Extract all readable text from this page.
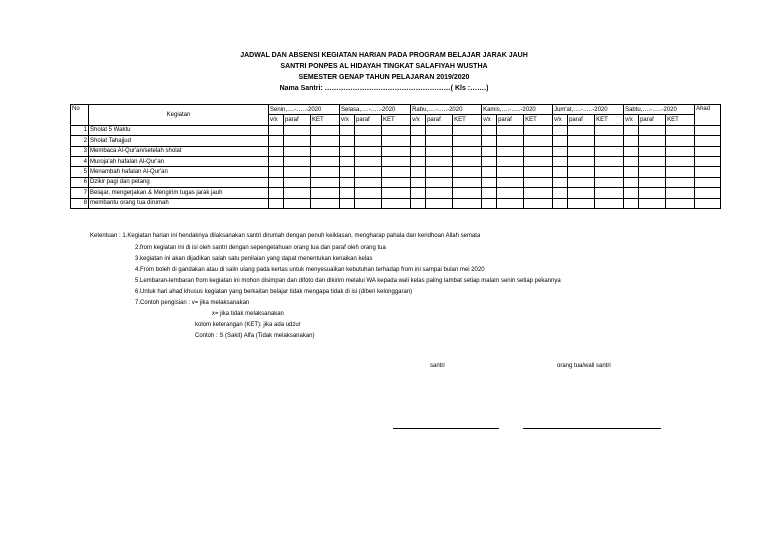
JADWAL DAN ABSENSI KEGIATAN HARIAN PADA PROGRAM BELAJAR JARAK JAUH
SANTRI PONPES AL HIDAYAH TINGKAT SALAFIYAH WUSTHA
SEMESTER GENAP TAHUN PELAJARAN 2019/2020
Nama Santri: ………………………………………………( Kls :…….)
No	Kegiatan	Senin,….-…..-2020			Selasa,….-…..-2020			Rabu,….-…..-2020			Kamis,….-…..-2020			Jum'at,….-…..-2020			Sabtu,….-…..-2020			Ahad
		v/x	paraf	KET	v/x	paraf	KET	v/x	paraf	KET	v/x	paraf	KET	v/x	paraf	KET	v/x	paraf	KET	
1	Sholat 5 Waktu																			
2	Sholat Tahajjud																			
3	Membaca Al-Qur'an/setelah sholat																			
4	Muroja'ah hafalan Al-Qur'an																			
5	Menambah hafalan Al-Qur'an																			
6	Dzikir pagi dan petang																			
7	Belajar, mengerjakan & Mengirim tugas jarak jauh																			
8	membantu orang tua dirumah																			
Ketentuan : 1.Kegiatan harian ini hendaknya dilaksanakan santri dirumah dengan penuh keiklasan, mengharap pahala dan keridhoan Allah semata
2.from kegiatan ini di isi oleh santri dengan sepengetahuan orang tua dan paraf oleh orang tua
3.kegiatan ini akan dijadikan salah satu penilaian yang dapat menentukan kenaikan kelas
4.From boleh di gandakan atau di salin ulang pada kertas untuk menyesuaikan kebutuhan terhadap from ini sampai bulan mei 2020
5.Lembaran-lembaran from kegiatan ini mohon disimpan dan difoto dan dikirim melalui WA kepada wali kelas paling lambat setiap malam senin setiap pekannya
6.Untuk hari ahad khusus kegiatan yang berkaitan belajar tidak mengapa tidak di isi (diberi kelonggaran)
7.Contoh pengisian : v= jika melaksanakan
x= jika tidak melaksanakan
kolom keterangan (KET): jika ada udzur
Contoh : S (Sakit) Alfa (Tidak melaksanakan)
santri	orang tua/wali santri
